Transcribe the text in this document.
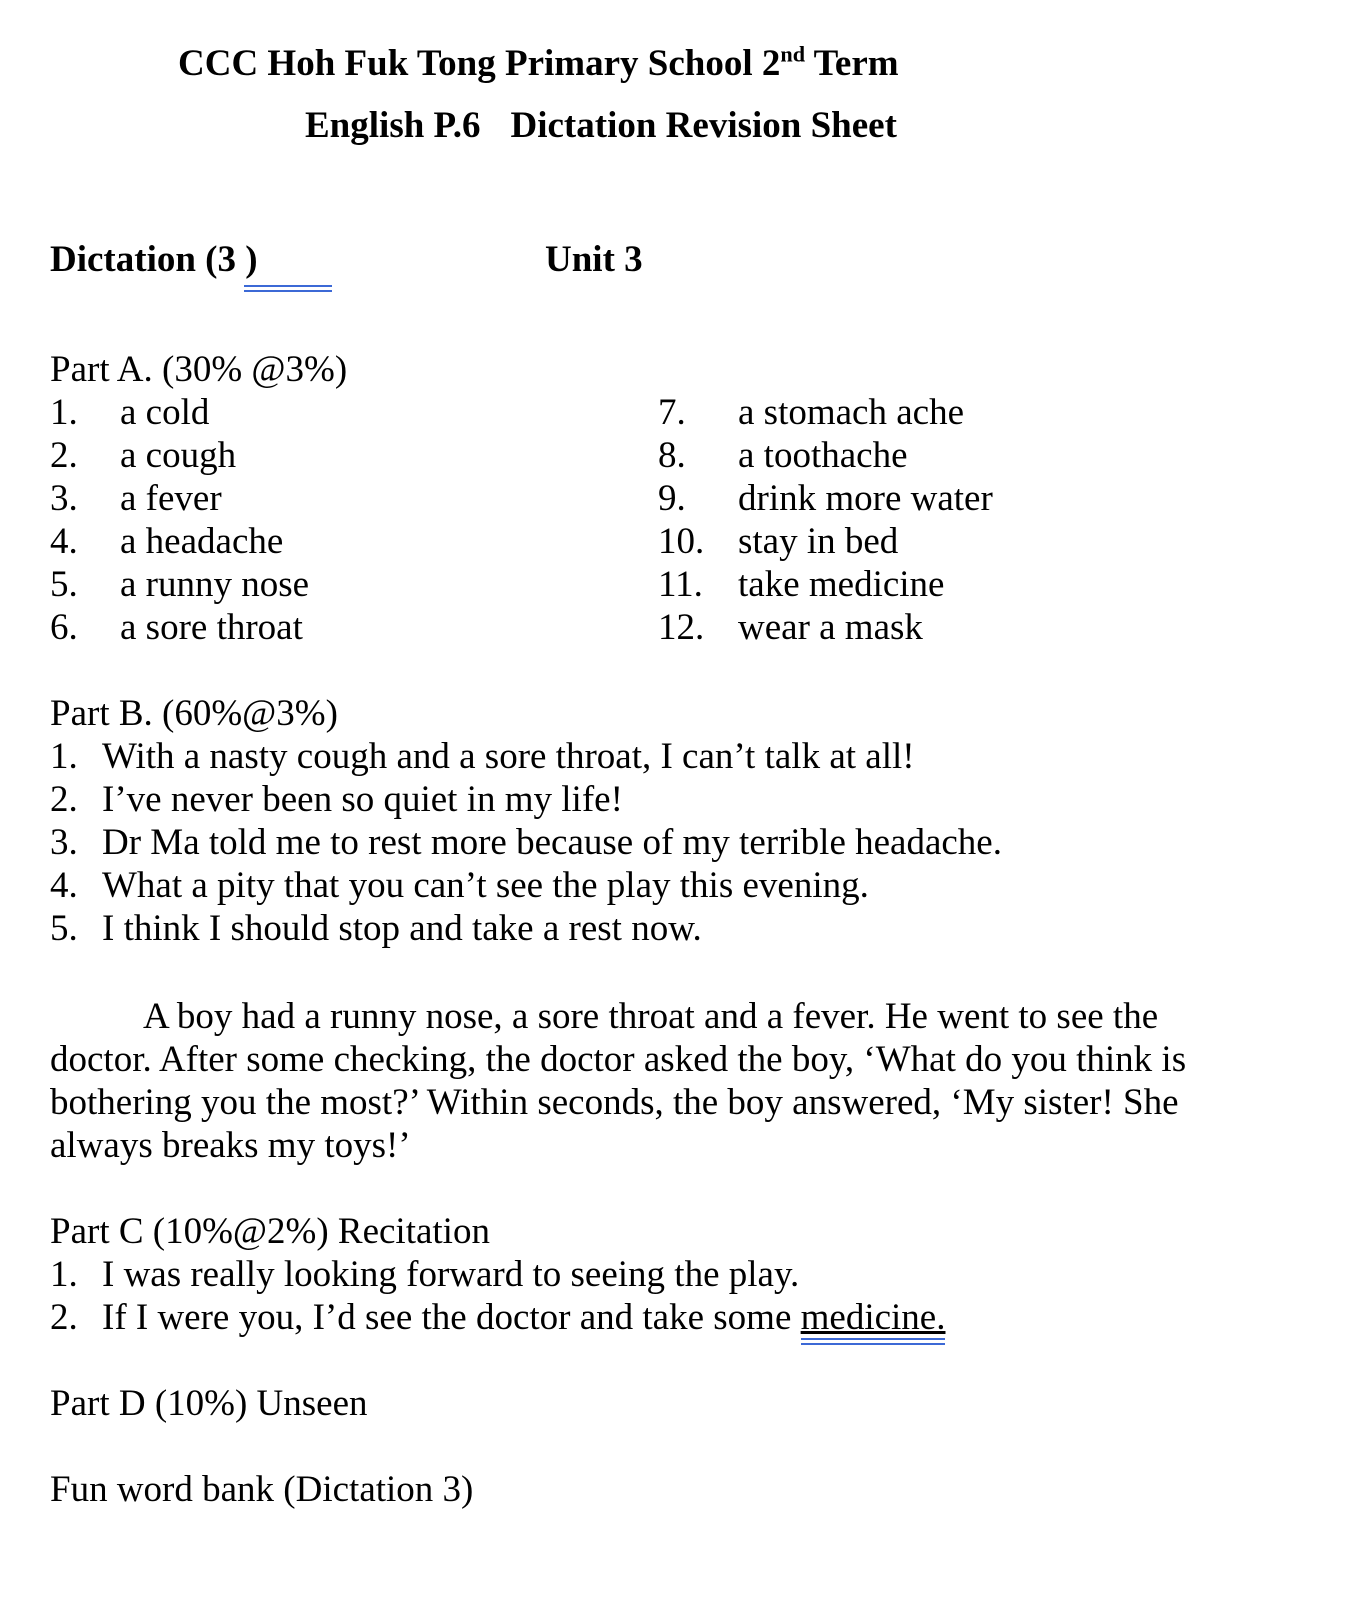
CCC Hoh Fuk Tong Primary School 2nd Term
English P.6 Dictation Revision Sheet
Dictation (3 )	Unit 3
Part A. (30% @3%)
1. a cold	7. a stomach ache
2. a cough	8. a toothache
3. a fever	9. drink more water
4. a headache	10. stay in bed
5. a runny nose	11. take medicine
6. a sore throat	12. wear a mask
Part B. (60%@3%)
1. With a nasty cough and a sore throat, I can’t talk at all!
2. I’ve never been so quiet in my life!
3. Dr Ma told me to rest more because of my terrible headache.
4. What a pity that you can’t see the play this evening.
5. I think I should stop and take a rest now.
A boy had a runny nose, a sore throat and a fever. He went to see the
doctor. After some checking, the doctor asked the boy, ‘What do you think is
bothering you the most?’ Within seconds, the boy answered, ‘My sister! She
always breaks my toys!’
Part C (10%@2%) Recitation
1. I was really looking forward to seeing the play.
2. If I were you, I’d see the doctor and take some medicine.
Part D (10%) Unseen
Fun word bank (Dictation 3)
